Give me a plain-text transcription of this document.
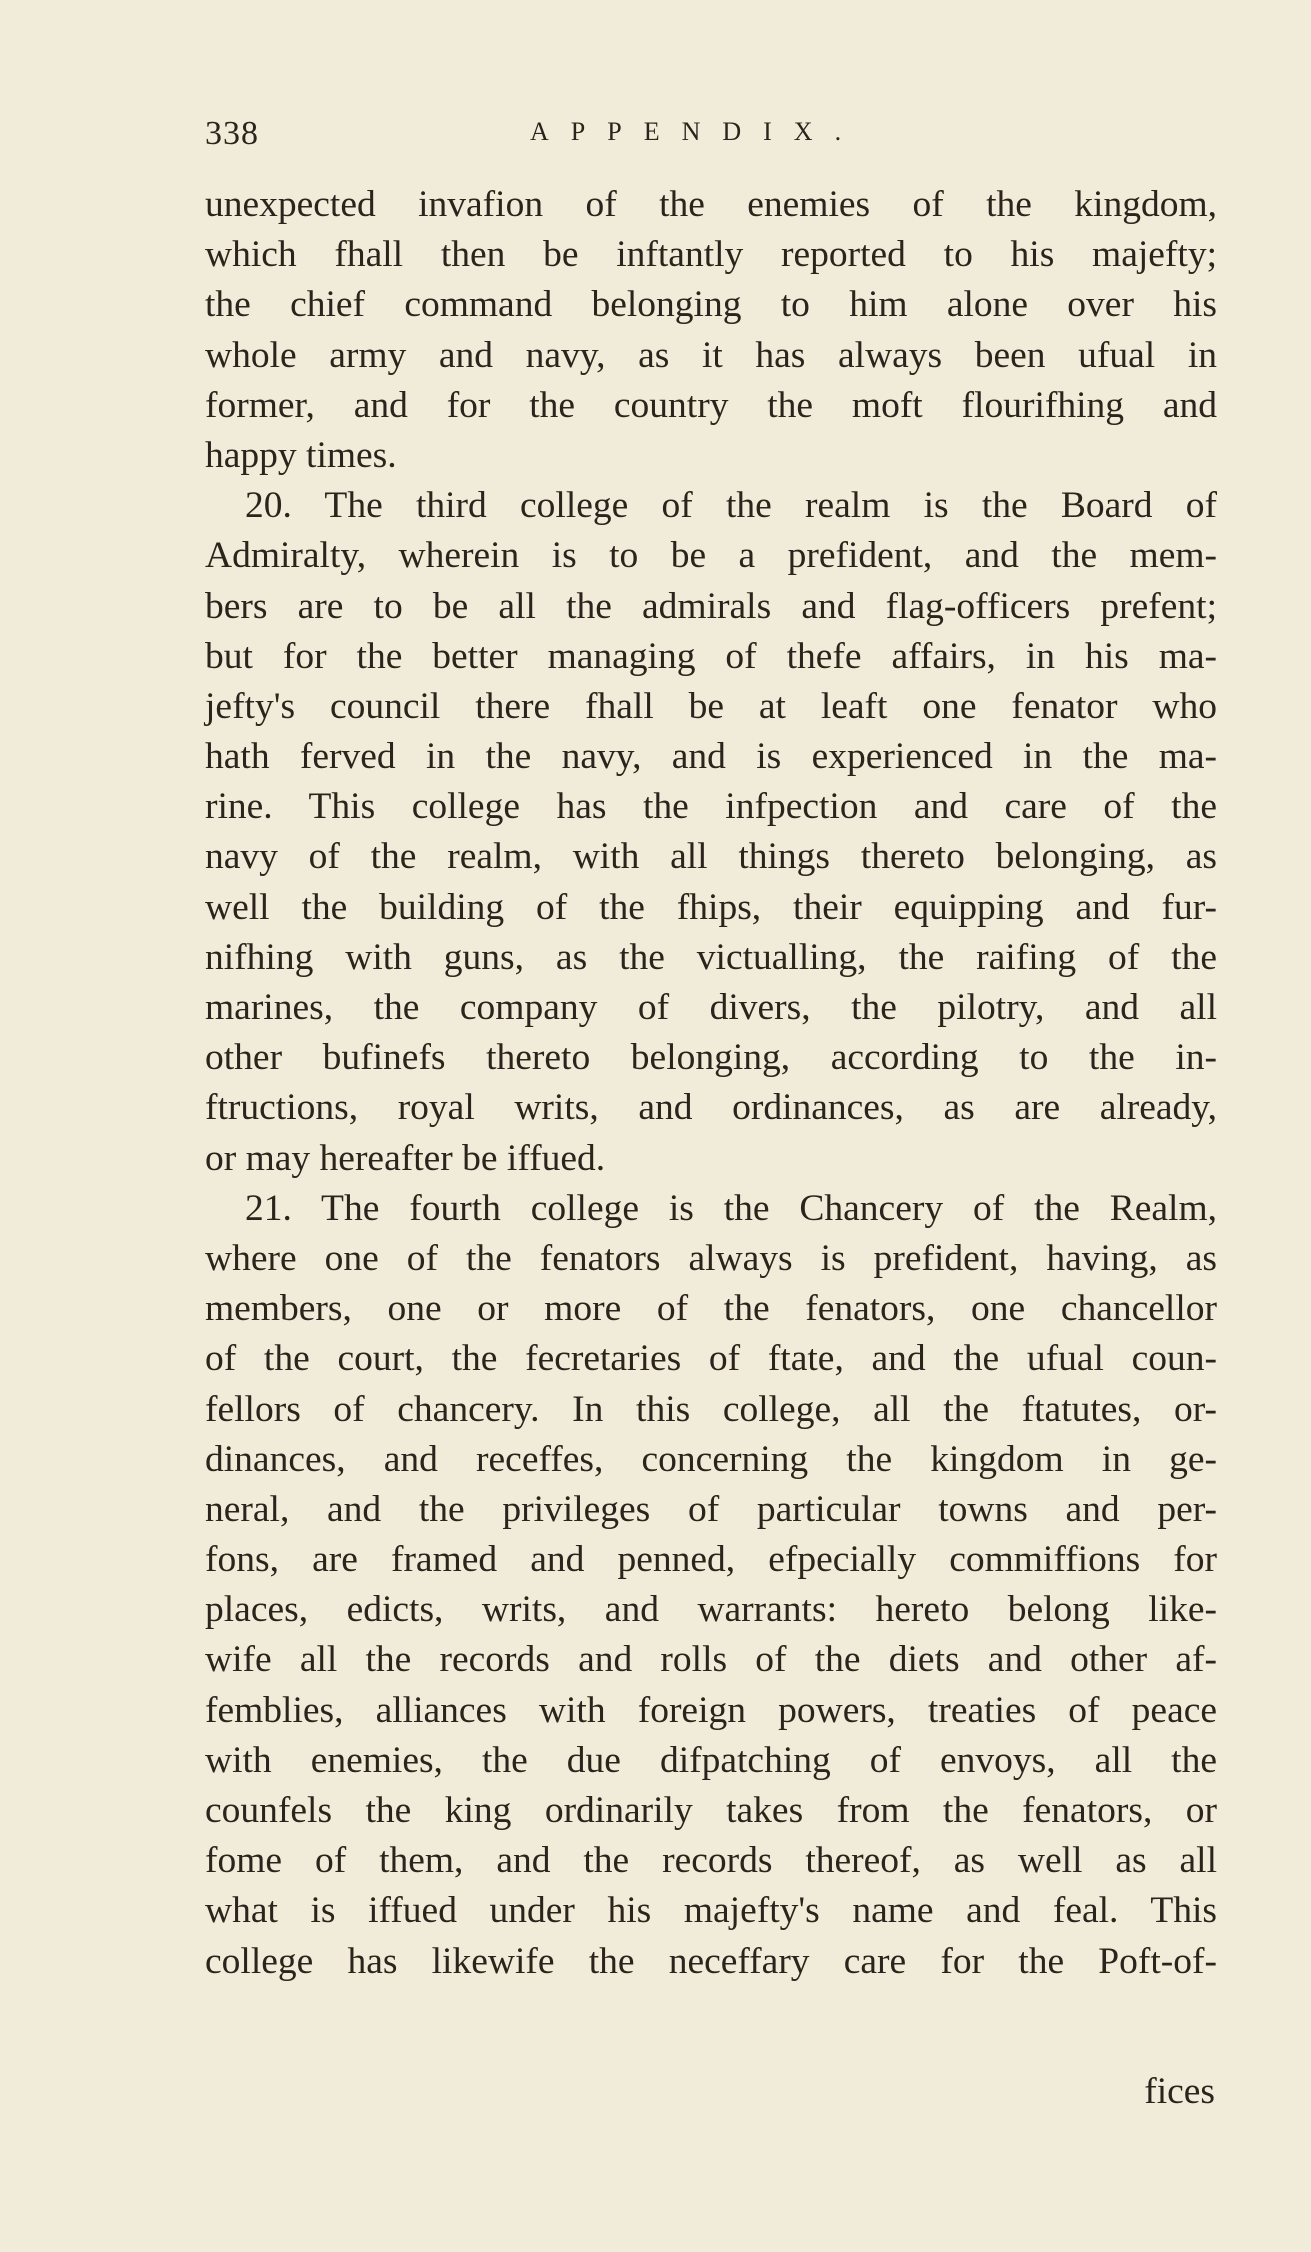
338	APPENDIX.
unexpected invafion of the enemies of the kingdom,
which fhall then be inftantly reported to his majefty;
the chief command belonging to him alone over his
whole army and navy, as it has always been ufual in
former, and for the country the moft flourifhing and
happy times.
20. The third college of the realm is the Board of
Admiralty, wherein is to be a prefident, and the mem-
bers are to be all the admirals and flag-officers prefent;
but for the better managing of thefe affairs, in his ma-
jefty's council there fhall be at leaft one fenator who
hath ferved in the navy, and is experienced in the ma-
rine. This college has the infpection and care of the
navy of the realm, with all things thereto belonging, as
well the building of the fhips, their equipping and fur-
nifhing with guns, as the victualling, the raifing of the
marines, the company of divers, the pilotry, and all
other bufinefs thereto belonging, according to the in-
ftructions, royal writs, and ordinances, as are already,
or may hereafter be iffued.
21. The fourth college is the Chancery of the Realm,
where one of the fenators always is prefident, having, as
members, one or more of the fenators, one chancellor
of the court, the fecretaries of ftate, and the ufual coun-
fellors of chancery. In this college, all the ftatutes, or-
dinances, and receffes, concerning the kingdom in ge-
neral, and the privileges of particular towns and per-
fons, are framed and penned, efpecially commiffions for
places, edicts, writs, and warrants: hereto belong like-
wife all the records and rolls of the diets and other af-
femblies, alliances with foreign powers, treaties of peace
with enemies, the due difpatching of envoys, all the
counfels the king ordinarily takes from the fenators, or
fome of them, and the records thereof, as well as all
what is iffued under his majefty's name and feal. This
college has likewife the neceffary care for the Poft-of-
fices
